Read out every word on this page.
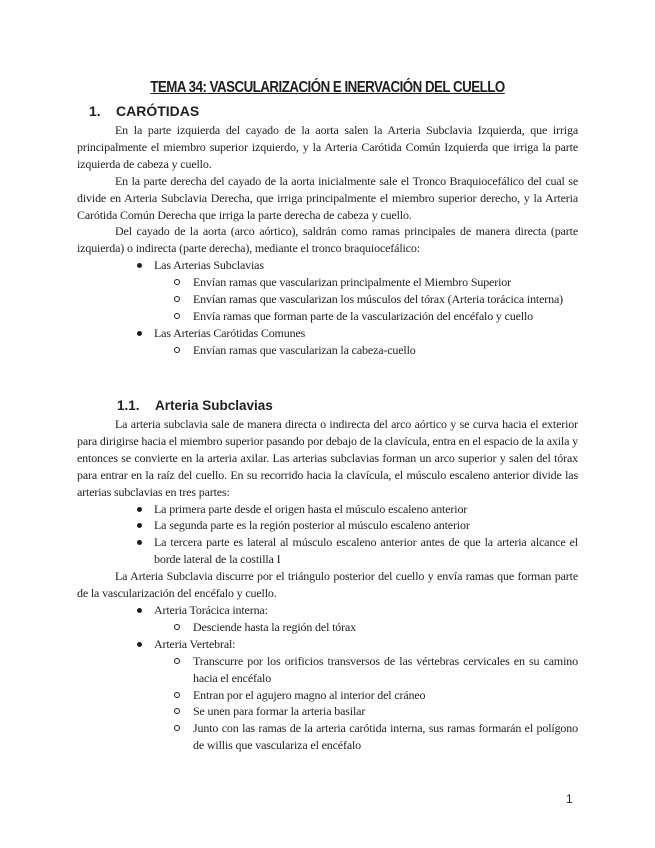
TEMA 34: VASCULARIZACIÓN E INERVACIÓN DEL CUELLO
1. CARÓTIDAS

En la parte izquierda del cayado de la aorta salen la Arteria Subclavia Izquierda, que irriga principalmente el miembro superior izquierdo, y la Arteria Carótida Común Izquierda que irriga la parte izquierda de cabeza y cuello.

En la parte derecha del cayado de la aorta inicialmente sale el Tronco Braquiocefálico del cual se divide en Arteria Subclavia Derecha, que irriga principalmente el miembro superior derecho, y la Arteria Carótida Común Derecha que irriga la parte derecha de cabeza y cuello.

Del cayado de la aorta (arco aórtico), saldrán como ramas principales de manera directa (parte izquierda) o indirecta (parte derecha), mediante el tronco braquiocefálico:

Las Arterias Subclavias
Envían ramas que vascularizan principalmente el Miembro Superior
Envían ramas que vascularizan los músculos del tórax (Arteria torácica interna)
Envía ramas que forman parte de la vascularización del encéfalo y cuello
Las Arterias Carótidas Comunes
Envían ramas que vascularizan la cabeza-cuello
1.1. Arteria Subclavias

La arteria subclavia sale de manera directa o indirecta del arco aórtico y se curva hacia el exterior para dirigirse hacia el miembro superior pasando por debajo de la clavícula, entra en el espacio de la axila y entonces se convierte en la arteria axilar. Las arterias subclavias forman un arco superior y salen del tórax para entrar en la raíz del cuello. En su recorrido hacia la clavícula, el músculo escaleno anterior divide las arterias subclavias en tres partes:

La primera parte desde el origen hasta el músculo escaleno anterior
La segunda parte es la región posterior al músculo escaleno anterior
La tercera parte es lateral al músculo escaleno anterior antes de que la arteria alcance el borde lateral de la costilla I

La Arteria Subclavia discurre por el triángulo posterior del cuello y envía ramas que forman parte de la vascularización del encéfalo y cuello.

Arteria Torácica interna:
Desciende hasta la región del tórax
Arteria Vertebral:
Transcurre por los orificios transversos de las vértebras cervicales en su camino hacia el encéfalo
Entran por el agujero magno al interior del cráneo
Se unen para formar la arteria basilar
Junto con las ramas de la arteria carótida interna, sus ramas formarán el polígono de willis que vasculariza el encéfalo
1
